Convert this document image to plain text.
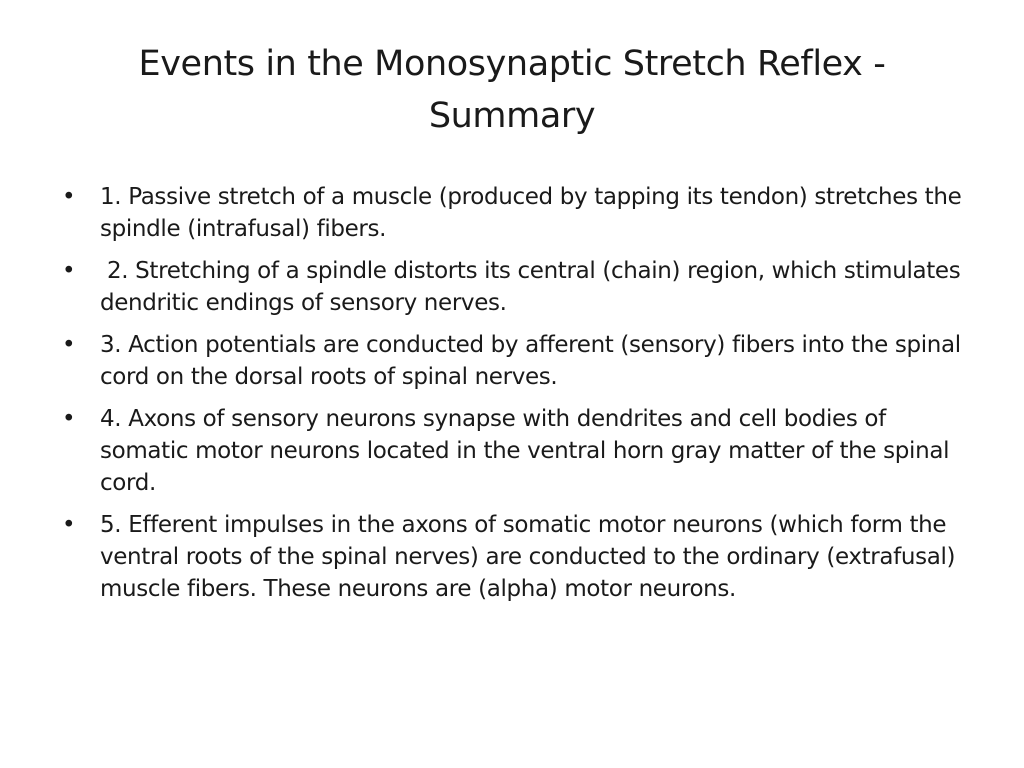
Events in the Monosynaptic Stretch Reflex - Summary
• 1. Passive stretch of a muscle (produced by tapping its tendon) stretches the spindle (intrafusal) fibers.
• 2. Stretching of a spindle distorts its central (chain) region, which stimulates dendritic endings of sensory nerves.
• 3. Action potentials are conducted by afferent (sensory) fibers into the spinal cord on the dorsal roots of spinal nerves.
• 4. Axons of sensory neurons synapse with dendrites and cell bodies of somatic motor neurons located in the ventral horn gray matter of the spinal cord.
• 5. Efferent impulses in the axons of somatic motor neurons (which form the ventral roots of the spinal nerves) are conducted to the ordinary (extrafusal) muscle fibers. These neurons are (alpha) motor neurons.
